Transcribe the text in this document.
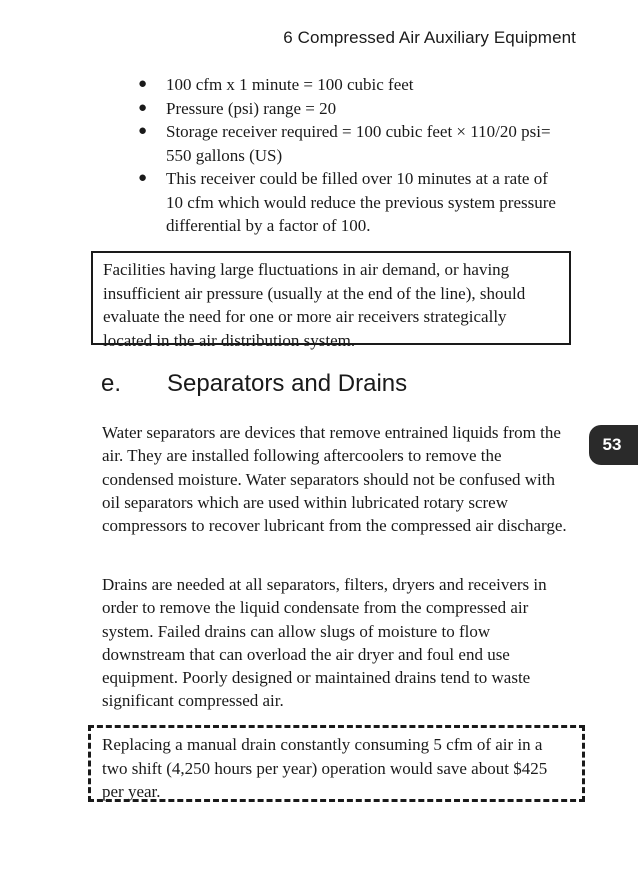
6 Compressed Air Auxiliary Equipment
● 100 cfm x 1 minute = 100 cubic feet
● Pressure (psi) range = 20
● Storage receiver required = 100 cubic feet × 110/20 psi= 550 gallons (US)
● This receiver could be filled over 10 minutes at a rate of 10 cfm which would reduce the previous system pressure differential by a factor of 100.
Facilities having large fluctuations in air demand, or having insufficient air pressure (usually at the end of the line), should evaluate the need for one or more air receivers strategically located in the air distribution system.
e. Separators and Drains

Water separators are devices that remove entrained liquids from the air. They are installed following aftercoolers to remove the condensed moisture. Water separators should not be confused with oil separators which are used within lubricated rotary screw compressors to recover lubricant from the compressed air discharge.

53

Drains are needed at all separators, filters, dryers and receivers in order to remove the liquid condensate from the compressed air system. Failed drains can allow slugs of moisture to flow downstream that can overload the air dryer and foul end use equipment. Poorly designed or maintained drains tend to waste significant compressed air.

Replacing a manual drain constantly consuming 5 cfm of air in a two shift (4,250 hours per year) operation would save about $425 per year.
